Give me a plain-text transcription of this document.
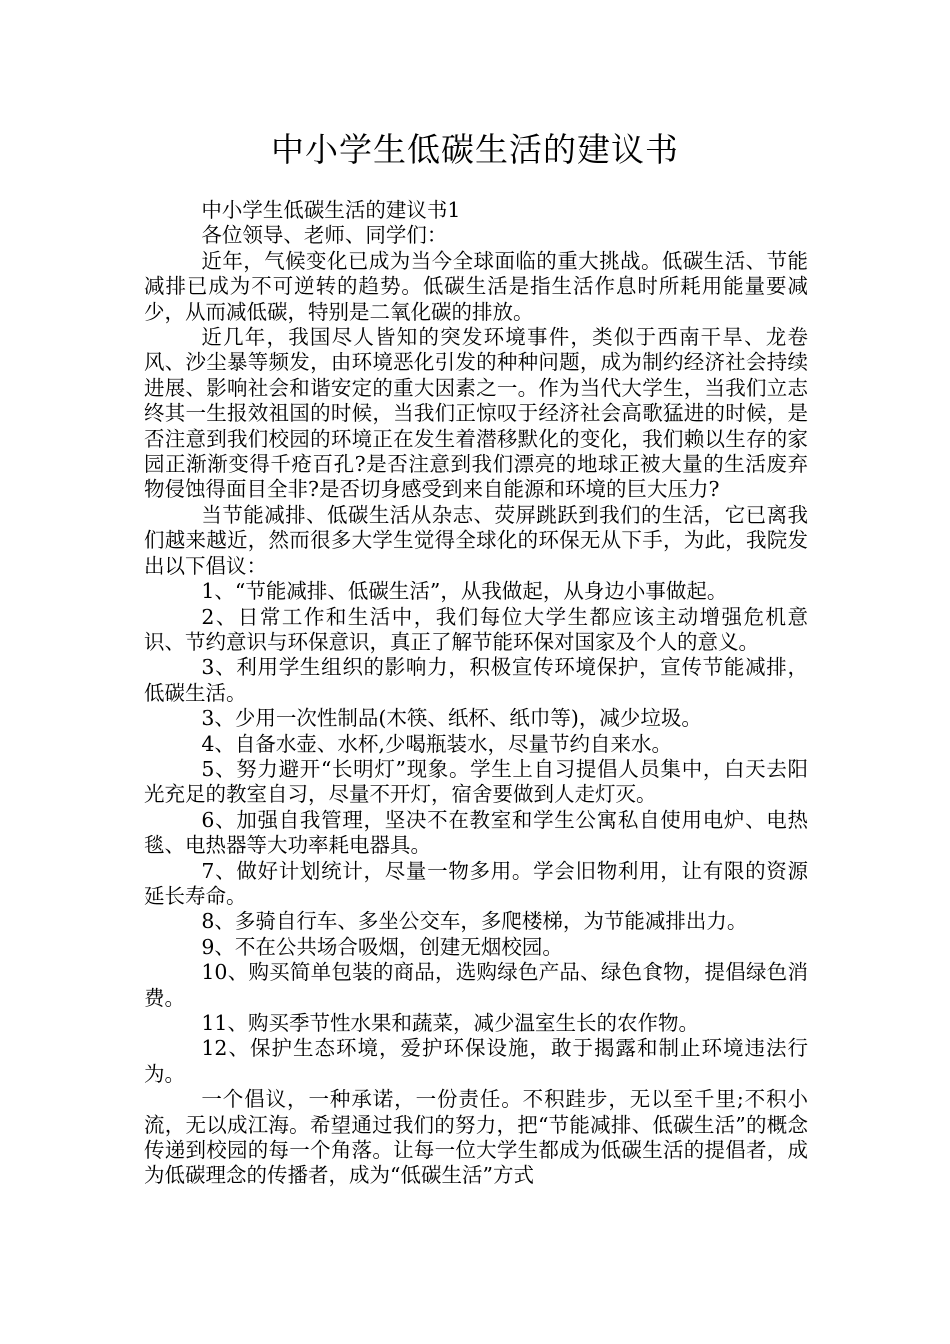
中小学生低碳生活的建议书

中小学生低碳生活的建议书1

各位领导、老师、同学们：

近年，气候变化已成为当今全球面临的重大挑战。低碳生活、节能减排已成为不可逆转的趋势。低碳生活是指生活作息时所耗用能量要减少，从而减低碳，特别是二氧化碳的排放。

近几年，我国尽人皆知的突发环境事件，类似于西南干旱、龙卷风、沙尘暴等频发，由环境恶化引发的种种问题，成为制约经济社会持续进展、影响社会和谐安定的重大因素之一。作为当代大学生，当我们立志终其一生报效祖国的时候，当我们正惊叹于经济社会高歌猛进的时候，是否注意到我们校园的环境正在发生着潜移默化的变化，我们赖以生存的家园正渐渐变得千疮百孔?是否注意到我们漂亮的地球正被大量的生活废弃物侵蚀得面目全非?是否切身感受到来自能源和环境的巨大压力?

当节能减排、低碳生活从杂志、荧屏跳跃到我们的生活，它已离我们越来越近，然而很多大学生觉得全球化的环保无从下手，为此，我院发出以下倡议：

1、“节能减排、低碳生活”，从我做起，从身边小事做起。

2、日常工作和生活中，我们每位大学生都应该主动增强危机意识、节约意识与环保意识，真正了解节能环保对国家及个人的意义。

3、利用学生组织的影响力，积极宣传环境保护，宣传节能减排，低碳生活。

3、少用一次性制品(木筷、纸杯、纸巾等)，减少垃圾。

4、自备水壶、水杯,少喝瓶装水，尽量节约自来水。

5、努力避开“长明灯”现象。学生上自习提倡人员集中，白天去阳光充足的教室自习，尽量不开灯，宿舍要做到人走灯灭。

6、加强自我管理，坚决不在教室和学生公寓私自使用电炉、电热毯、电热器等大功率耗电器具。

7、做好计划统计，尽量一物多用。学会旧物利用，让有限的资源延长寿命。

8、多骑自行车、多坐公交车，多爬楼梯，为节能减排出力。

9、不在公共场合吸烟，创建无烟校园。

10、购买简单包装的商品，选购绿色产品、绿色食物，提倡绿色消费。

11、购买季节性水果和蔬菜，减少温室生长的农作物。

12、保护生态环境，爱护环保设施，敢于揭露和制止环境违法行为。

一个倡议，一种承诺，一份责任。不积跬步，无以至千里;不积小流，无以成江海。希望通过我们的努力，把“节能减排、低碳生活”的概念传递到校园的每一个角落。让每一位大学生都成为低碳生活的提倡者，成为低碳理念的传播者，成为“低碳生活”方式
